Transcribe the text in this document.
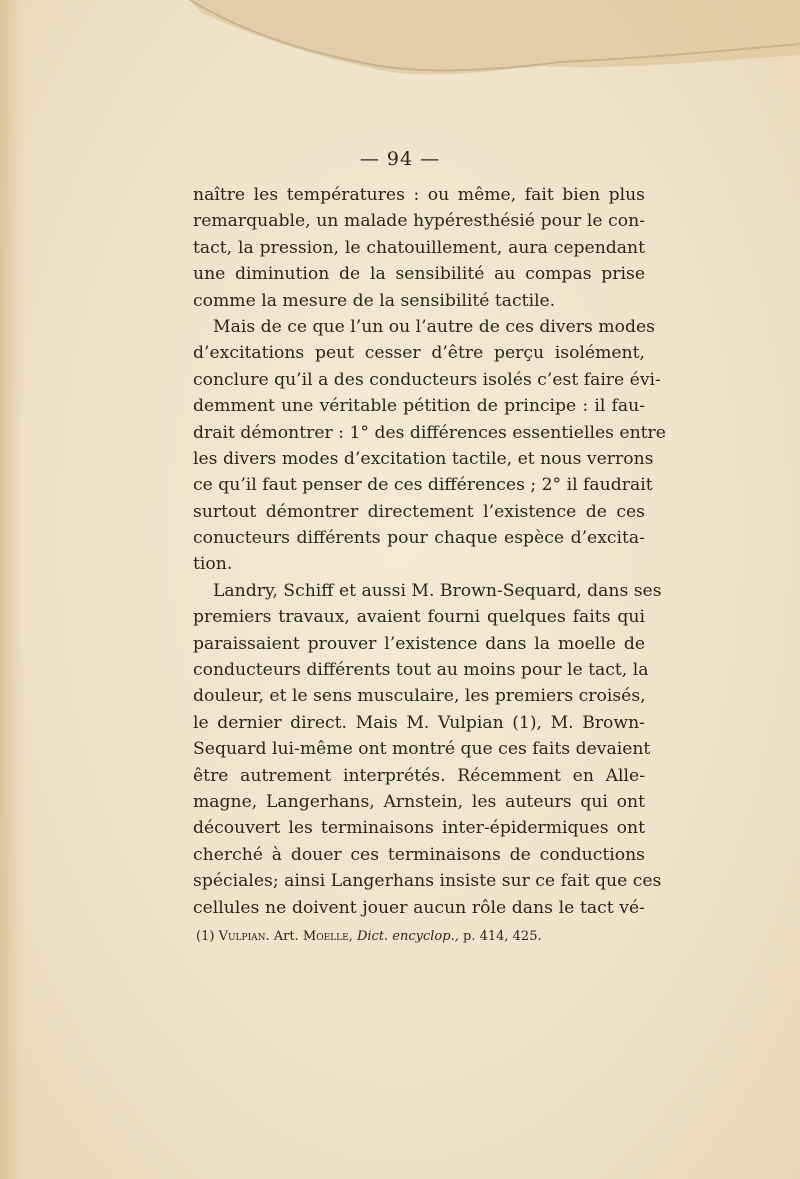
— 94 —
naître les températures : ou même, fait bien plus
remarquable, un malade hypéresthésié pour le con-
tact, la pression, le chatouillement, aura cependant
une diminution de la sensibilité au compas prise
comme la mesure de la sensibilité tactile.
Mais de ce que l’un ou l’autre de ces divers modes
d’excitations peut cesser d’être perçu isolément,
conclure qu’il a des conducteurs isolés c’est faire évi-
demment une véritable pétition de principe : il fau-
drait démontrer : 1° des différences essentielles entre
les divers modes d’excitation tactile, et nous verrons
ce qu’il faut penser de ces différences ; 2° il faudrait
surtout démontrer directement l’existence de ces
conucteurs différents pour chaque espèce d’excita-
tion.
Landry, Schiff et aussi M. Brown-Sequard, dans ses
premiers travaux, avaient fourni quelques faits qui
paraissaient prouver l’existence dans la moelle de
conducteurs différents tout au moins pour le tact, la
douleur, et le sens musculaire, les premiers croisés,
le dernier direct. Mais M. Vulpian (1), M. Brown-
Sequard lui-même ont montré que ces faits devaient
être autrement interprétés. Récemment en Alle-
magne, Langerhans, Arnstein, les auteurs qui ont
découvert les terminaisons inter-épidermiques ont
cherché à douer ces terminaisons de conductions
spéciales; ainsi Langerhans insiste sur ce fait que ces
cellules ne doivent jouer aucun rôle dans le tact vé-
(1) Vulpian. Art. Moelle, Dict. encyclop., p. 414, 425.
